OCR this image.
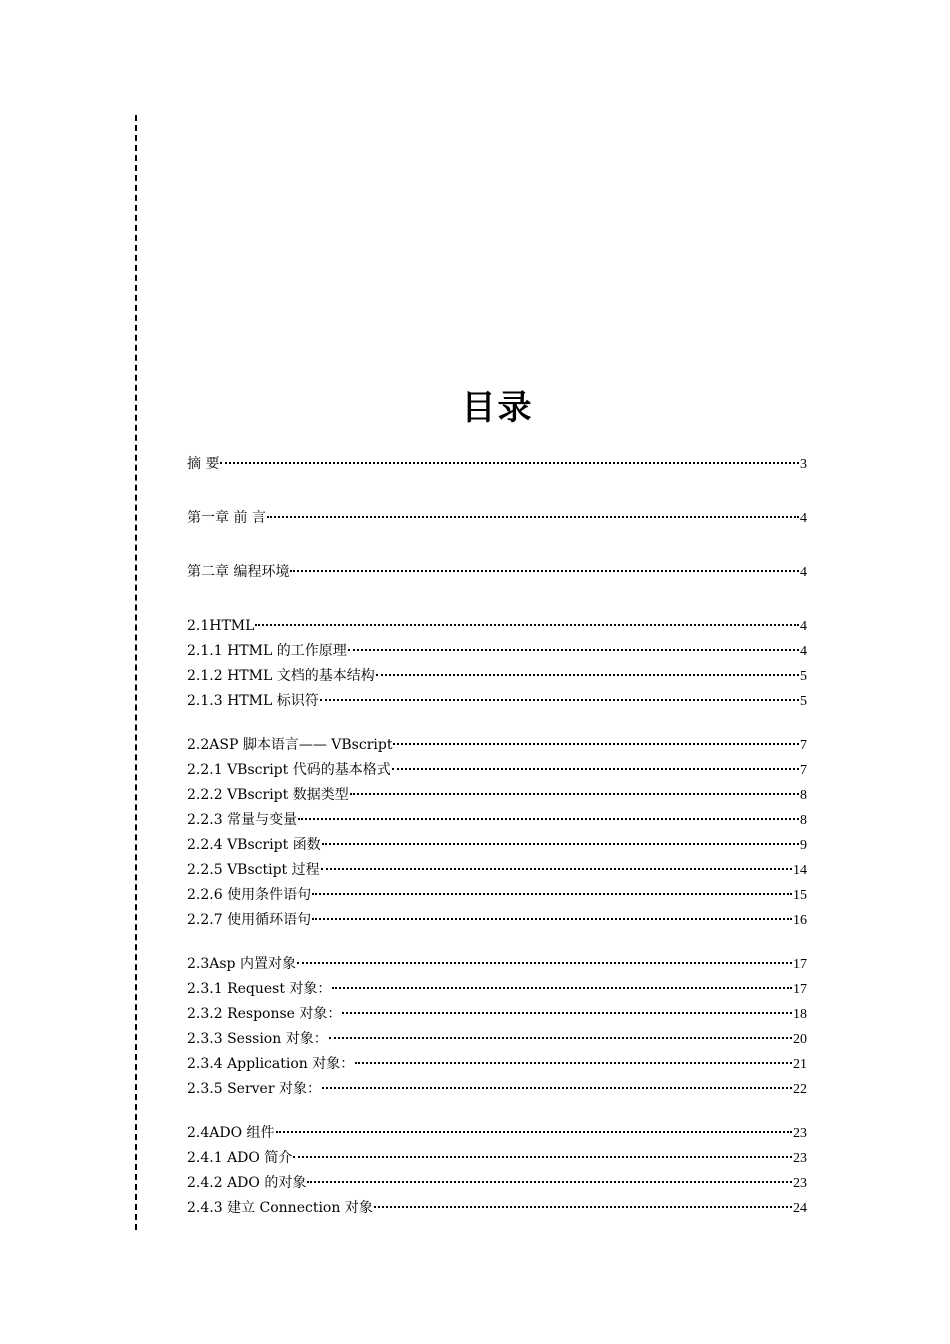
目录
摘 要	3
第一章 前 言	4
第二章 编程环境	4
2.1HTML	4
2.1.1 HTML 的工作原理	4
2.1.2 HTML 文档的基本结构	5
2.1.3 HTML 标识符	5
2.2ASP 脚本语言—— VBscript	7
2.2.1 VBscript 代码的基本格式	7
2.2.2 VBscript 数据类型	8
2.2.3 常量与变量	8
2.2.4 VBscript 函数	9
2.2.5 VBsctipt 过程	14
2.2.6 使用条件语句	15
2.2.7 使用循环语句	16
2.3Asp 内置对象	17
2.3.1 Request 对象：	17
2.3.2 Response 对象：	18
2.3.3 Session 对象：	20
2.3.4 Application 对象：	21
2.3.5 Server 对象：	22
2.4ADO 组件	23
2.4.1 ADO 简介	23
2.4.2 ADO 的对象	23
2.4.3 建立 Connection 对象	24
